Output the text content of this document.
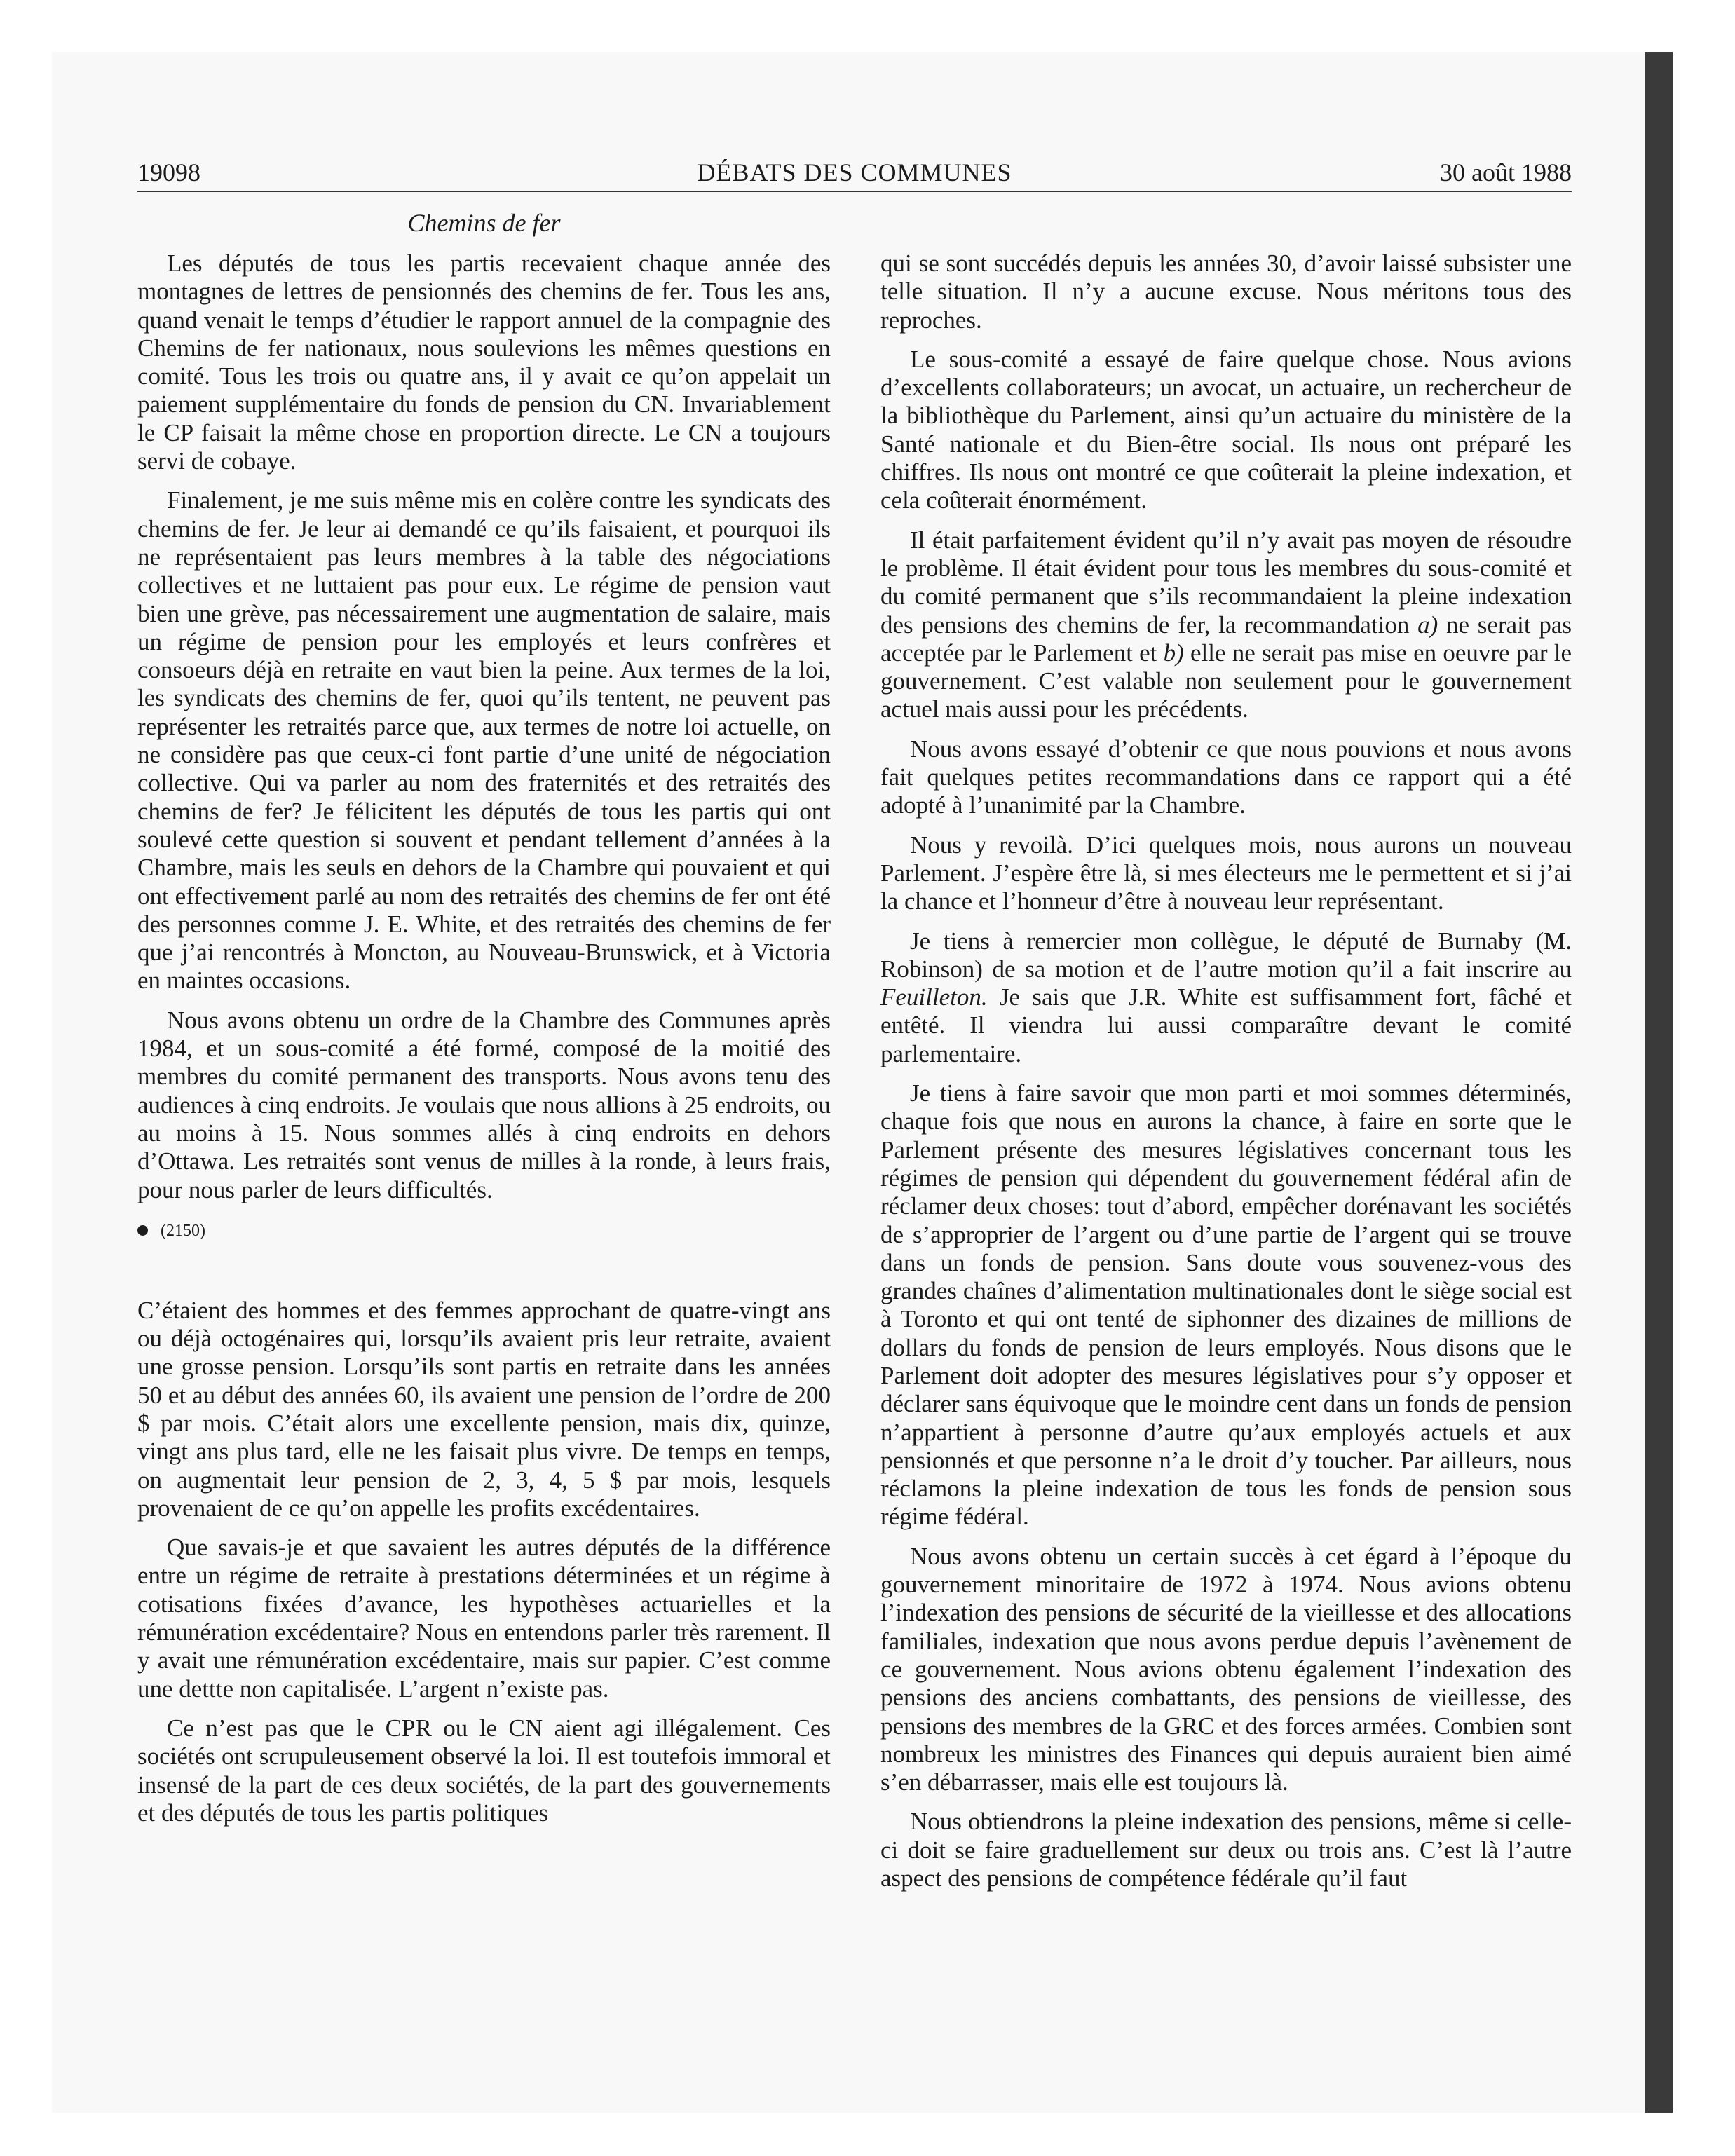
DÉBATS DES COMMUNES
19098	30 août 1988
Chemins de fer

Les députés de tous les partis recevaient chaque année des montagnes de lettres de pensionnés des chemins de fer. Tous les ans, quand venait le temps d’étudier le rapport annuel de la compagnie des Chemins de fer nationaux, nous soulevions les mêmes questions en comité. Tous les trois ou quatre ans, il y avait ce qu’on appelait un paiement supplémentaire du fonds de pension du CN. Invariablement le CP faisait la même chose en proportion directe. Le CN a toujours servi de cobaye.

Finalement, je me suis même mis en colère contre les syndicats des chemins de fer. Je leur ai demandé ce qu’ils faisaient, et pourquoi ils ne représentaient pas leurs membres à la table des négociations collectives et ne luttaient pas pour eux. Le régime de pension vaut bien une grève, pas nécessairement une augmentation de salaire, mais un régime de pension pour les employés et leurs confrères et consoeurs déjà en retraite en vaut bien la peine. Aux termes de la loi, les syndicats des chemins de fer, quoi qu’ils tentent, ne peuvent pas représenter les retraités parce que, aux termes de notre loi actuelle, on ne considère pas que ceux-ci font partie d’une unité de négociation collective. Qui va parler au nom des fraternités et des retraités des chemins de fer? Je félicitent les députés de tous les partis qui ont soulevé cette question si souvent et pendant tellement d’années à la Chambre, mais les seuls en dehors de la Chambre qui pouvaient et qui ont effectivement parlé au nom des retraités des chemins de fer ont été des personnes comme J. E. White, et des retraités des chemins de fer que j’ai rencontrés à Moncton, au Nouveau-Brunswick, et à Victoria en maintes occasions.

Nous avons obtenu un ordre de la Chambre des Communes après 1984, et un sous-comité a été formé, composé de la moitié des membres du comité permanent des transports. Nous avons tenu des audiences à cinq endroits. Je voulais que nous allions à 25 endroits, ou au moins à 15. Nous sommes allés à cinq endroits en dehors d’Ottawa. Les retraités sont venus de milles à la ronde, à leurs frais, pour nous parler de leurs difficultés.

(2150)

C’étaient des hommes et des femmes approchant de quatre-vingt ans ou déjà octogénaires qui, lorsqu’ils avaient pris leur retraite, avaient une grosse pension. Lorsqu’ils sont partis en retraite dans les années 50 et au début des années 60, ils avaient une pension de l’ordre de 200 $ par mois. C’était alors une excellente pension, mais dix, quinze, vingt ans plus tard, elle ne les faisait plus vivre. De temps en temps, on augmentait leur pension de 2, 3, 4, 5 $ par mois, lesquels provenaient de ce qu’on appelle les profits excédentaires.

Que savais-je et que savaient les autres députés de la différence entre un régime de retraite à prestations déterminées et un régime à cotisations fixées d’avance, les hypothèses actuarielles et la rémunération excédentaire? Nous en entendons parler très rarement. Il y avait une rémunération excédentaire, mais sur papier. C’est comme une dettte non capitalisée. L’argent n’existe pas.

Ce n’est pas que le CPR ou le CN aient agi illégalement. Ces sociétés ont scrupuleusement observé la loi. Il est toutefois immoral et insensé de la part de ces deux sociétés, de la part des gouvernements et des députés de tous les partis politiques

qui se sont succédés depuis les années 30, d’avoir laissé subsister une telle situation. Il n’y a aucune excuse. Nous méritons tous des reproches.

Le sous-comité a essayé de faire quelque chose. Nous avions d’excellents collaborateurs; un avocat, un actuaire, un rechercheur de la bibliothèque du Parlement, ainsi qu’un actuaire du ministère de la Santé nationale et du Bien-être social. Ils nous ont préparé les chiffres. Ils nous ont montré ce que coûterait la pleine indexation, et cela coûterait énormément.

Il était parfaitement évident qu’il n’y avait pas moyen de résoudre le problème. Il était évident pour tous les membres du sous-comité et du comité permanent que s’ils recommandaient la pleine indexation des pensions des chemins de fer, la recommandation a) ne serait pas acceptée par le Parlement et b) elle ne serait pas mise en oeuvre par le gouvernement. C’est valable non seulement pour le gouvernement actuel mais aussi pour les précédents.

Nous avons essayé d’obtenir ce que nous pouvions et nous avons fait quelques petites recommandations dans ce rapport qui a été adopté à l’unanimité par la Chambre.

Nous y revoilà. D’ici quelques mois, nous aurons un nouveau Parlement. J’espère être là, si mes électeurs me le permettent et si j’ai la chance et l’honneur d’être à nouveau leur représentant.

Je tiens à remercier mon collègue, le député de Burnaby (M. Robinson) de sa motion et de l’autre motion qu’il a fait inscrire au Feuilleton. Je sais que J.R. White est suffisamment fort, fâché et entêté. Il viendra lui aussi comparaître devant le comité parlementaire.

Je tiens à faire savoir que mon parti et moi sommes déterminés, chaque fois que nous en aurons la chance, à faire en sorte que le Parlement présente des mesures législatives concernant tous les régimes de pension qui dépendent du gouvernement fédéral afin de réclamer deux choses: tout d’abord, empêcher dorénavant les sociétés de s’approprier de l’argent ou d’une partie de l’argent qui se trouve dans un fonds de pension. Sans doute vous souvenez-vous des grandes chaînes d’alimentation multinationales dont le siège social est à Toronto et qui ont tenté de siphonner des dizaines de millions de dollars du fonds de pension de leurs employés. Nous disons que le Parlement doit adopter des mesures législatives pour s’y opposer et déclarer sans équivoque que le moindre cent dans un fonds de pension n’appartient à personne d’autre qu’aux employés actuels et aux pensionnés et que personne n’a le droit d’y toucher. Par ailleurs, nous réclamons la pleine indexation de tous les fonds de pension sous régime fédéral.

Nous avons obtenu un certain succès à cet égard à l’époque du gouvernement minoritaire de 1972 à 1974. Nous avions obtenu l’indexation des pensions de sécurité de la vieillesse et des allocations familiales, indexation que nous avons perdue depuis l’avènement de ce gouvernement. Nous avions obtenu également l’indexation des pensions des anciens combattants, des pensions de vieillesse, des pensions des membres de la GRC et des forces armées. Combien sont nombreux les ministres des Finances qui depuis auraient bien aimé s’en débarrasser, mais elle est toujours là.

Nous obtiendrons la pleine indexation des pensions, même si celle-ci doit se faire graduellement sur deux ou trois ans. C’est là l’autre aspect des pensions de compétence fédérale qu’il faut
